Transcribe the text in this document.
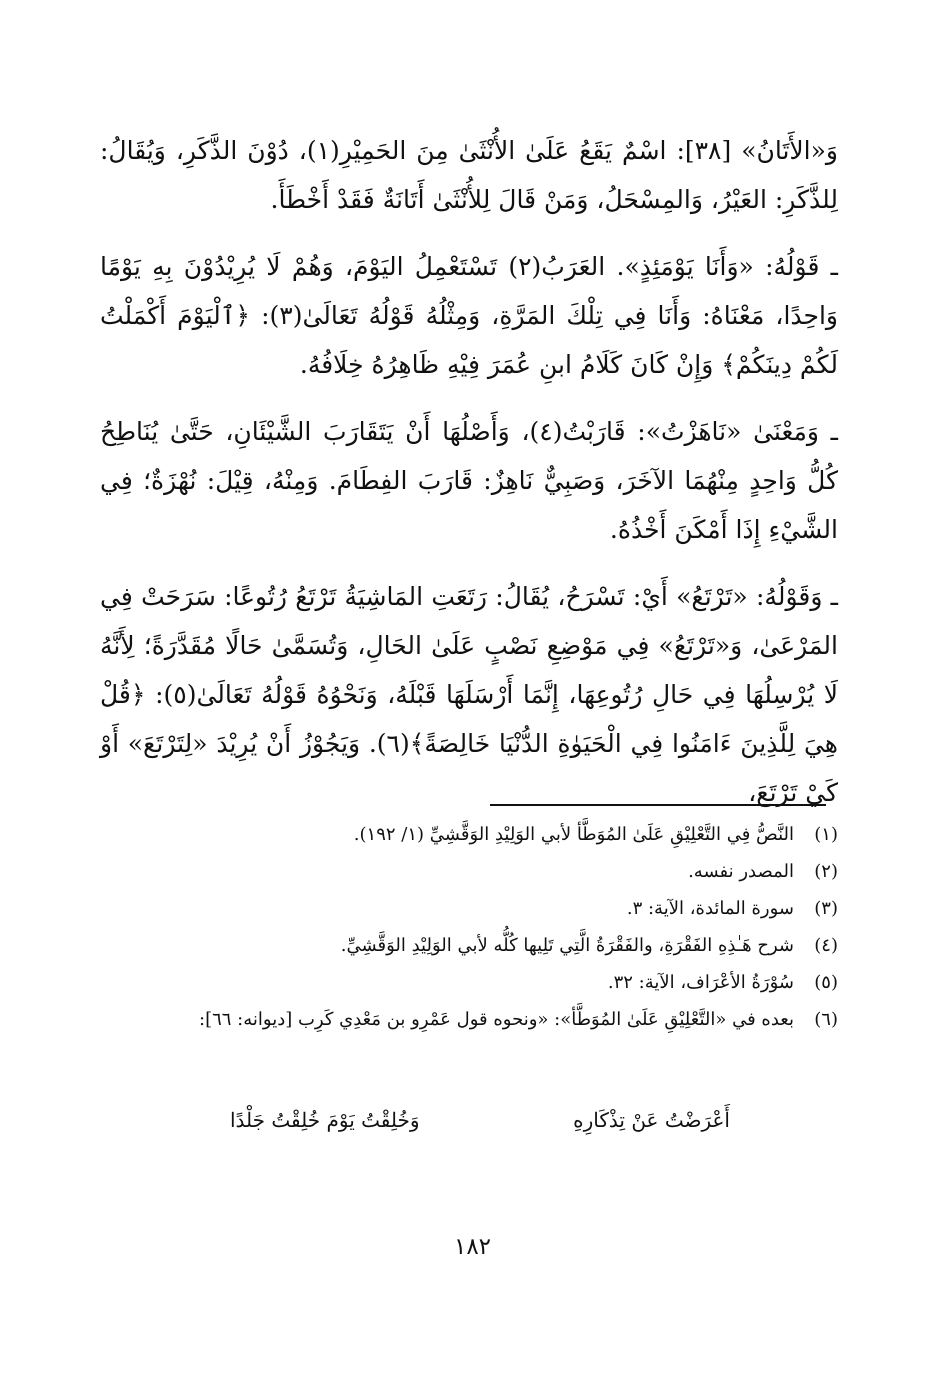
وَ«الأَتَانُ» [٣٨]: اسْمٌ يَقَعُ عَلَىٰ الأُنْثَىٰ مِنَ الحَمِيْرِ(١)، دُوْنَ الذَّكَرِ، وَيُقَالُ: لِلذَّكَرِ: العَيْرُ، وَالمِسْحَلُ، وَمَنْ قَالَ لِلأُنْثَىٰ أَتَانَةٌ فَقَدْ أَخْطَأَ.

ـ قَوْلُهُ: «وَأَنَا يَوْمَئِذٍ». العَرَبُ(٢) تَسْتَعْمِلُ اليَوْمَ، وَهُمْ لَا يُرِيْدُوْنَ بِهِ يَوْمًا وَاحِدًا، مَعْنَاهُ: وَأَنَا فِي تِلْكَ المَرَّةِ، وَمِثْلُهُ قَوْلُهُ تَعَالَىٰ(٣): ﴿ٱلْيَوْمَ أَكْمَلْتُ لَكُمْ دِينَكُمْ﴾ وَإِنْ كَانَ كَلَامُ ابنِ عُمَرَ فِيْهِ ظَاهِرُهُ خِلَافُهُ.

ـ وَمَعْنَىٰ «نَاهَزْتُ»: قَارَبْتُ(٤)، وَأَصْلُهَا أَنْ يَتَقَارَبَ الشَّيْئَانِ، حَتَّىٰ يُنَاطِحُ كُلُّ وَاحِدٍ مِنْهُمَا الآخَرَ، وَصَبِيٌّ نَاهِزٌ: قَارَبَ الفِطَامَ. وَمِنْهُ، قِيْلَ: نُهْزَةٌ؛ فِي الشَّيْءِ إِذَا أَمْكَنَ أَخْذُهُ.

ـ وَقَوْلُهُ: «تَرْتَعُ» أَيْ: تَسْرَحُ، يُقَالُ: رَتَعَتِ المَاشِيَةُ تَرْتَعُ رُتُوعًا: سَرَحَتْ فِي المَرْعَىٰ، وَ«تَرْتَعُ» فِي مَوْضِعِ نَصْبٍ عَلَىٰ الحَالِ، وَتُسَمَّىٰ حَالًا مُقَدَّرَةً؛ لِأَنَّهُ لَا يُرْسِلُهَا فِي حَالِ رُتُوعِهَا، إِنَّمَا أَرْسَلَهَا قَبْلَهُ، وَنَحْوُهُ قَوْلُهُ تَعَالَىٰ(٥): ﴿قُلْ هِيَ لِلَّذِينَ ءَامَنُوا فِي الْحَيَوٰةِ الدُّنْيَا خَالِصَةً﴾(٦). وَيَجُوْزُ أَنْ يُرِيْدَ «لِتَرْتَعَ» أَوْ كَيْ تَرْتَعَ،

(١)
النَّصُّ فِي التَّعْلِيْقِ عَلَىٰ المُوَطَّأ لأبي الوَلِيْدِ الوَقَّشِيِّ (١/ ١٩٢).
(٢)
المصدر نفسه.
(٣)
سورة المائدة، الآية: ٣.
(٤)
شرح هَـٰذِهِ الفَقْرَةِ، والفَقْرَةُ الَّتِي تَلِيها كُلُّه لأبي الوَلِيْدِ الوَقَّشِيِّ.
(٥)
سُوْرَةُ الأعْرَاف، الآية: ٣٢.
(٦)
بعده في «التَّعْلِيْقِ عَلَىٰ المُوَطَّأ»: «ونحوه قول عَمْرِو بن مَعْدِي كَرِب [ديوانه: ٦٦]:
أَعْرَضْتُ عَنْ تِذْكَارِهِ
وَخُلِقْتُ يَوْمَ خُلِقْتُ جَلْدًا
١٨٢
